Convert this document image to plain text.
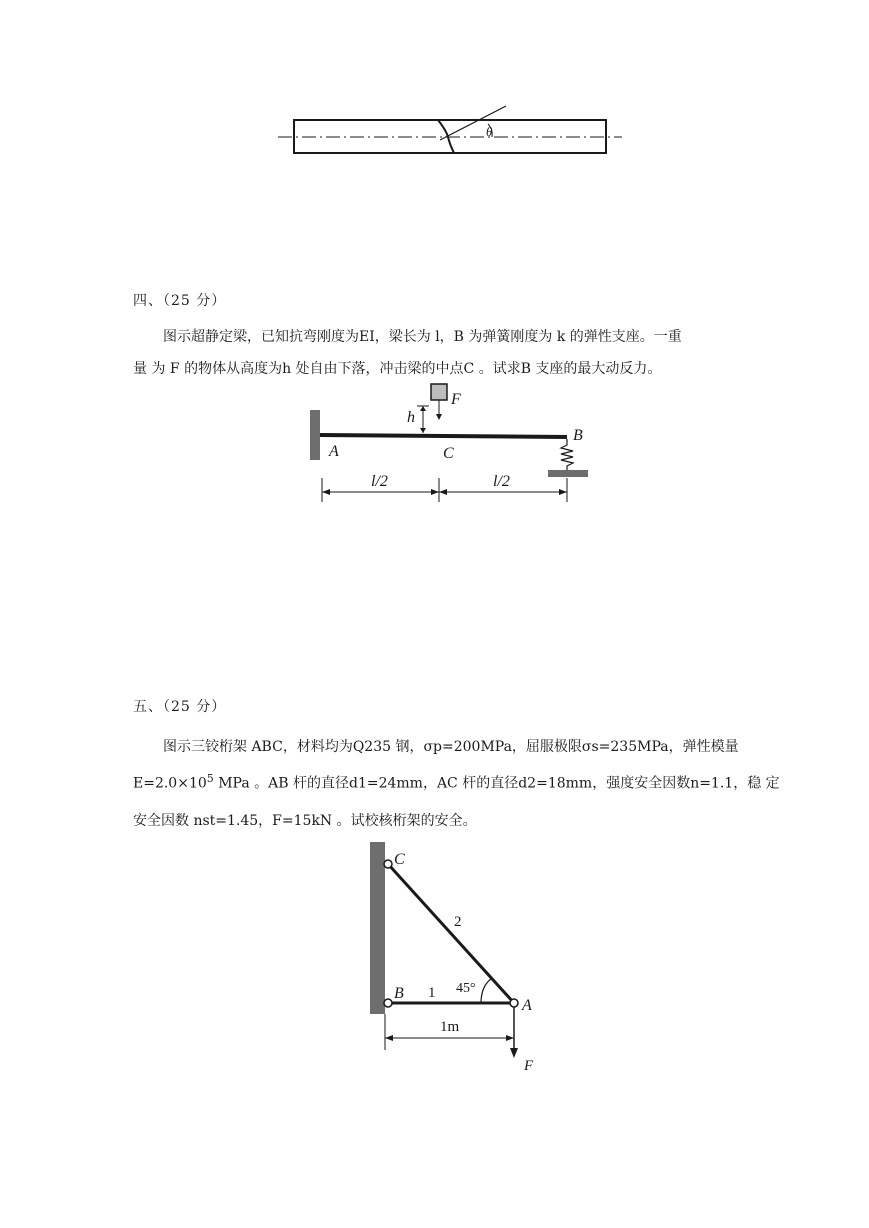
θ
四、（25 分）
图示超静定梁，已知抗弯刚度为EI，梁长为 l，B 为弹簧刚度为 k 的弹性支座。一重
量 为 F 的物体从高度为h 处自由下落，冲击梁的中点C 。试求B 支座的最大动反力。
F
h
A	C
B
l/2	l/2
五、（25 分）
图示三铰桁架 ABC，材料均为Q235 钢，σp=200MPa，屈服极限σs=235MPa，弹性模量
$E=2.0\times 10^5$ MPa 。AB 杆的直径d1=24mm，AC 杆的直径d2=18mm，强度安全因数n=1.1，稳 定
安全因数 nst=1.45，F=15kN 。试校核桁架的安全。
C
2
B 1 45°
A
1m
F
